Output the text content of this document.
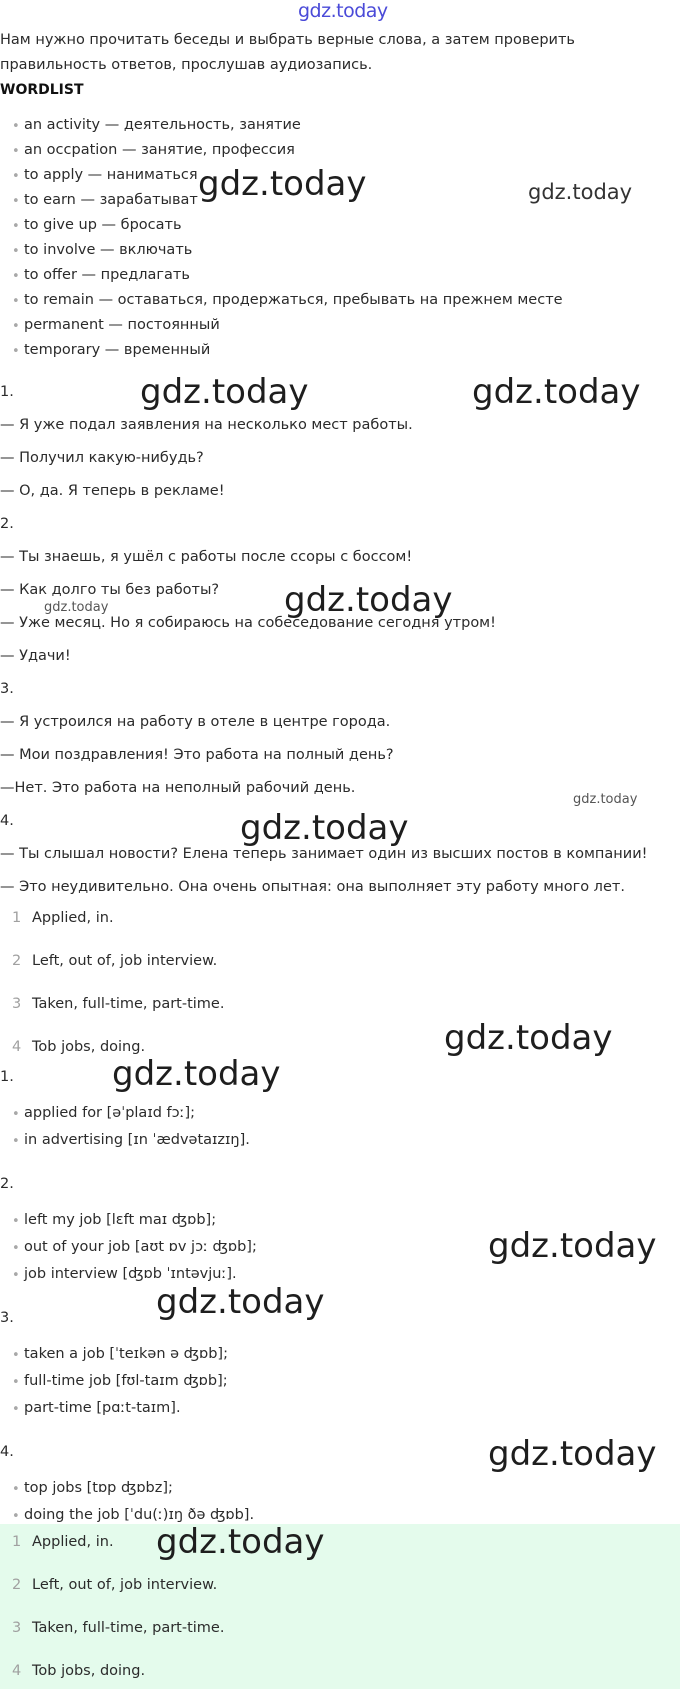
gdz.today
Нам нужно прочитать беседы и выбрать верные слова, а затем проверить правильность ответов, прослушав аудиозапись.
WORDLIST
• an activity — деятельность, занятие
• an occpation — занятие, профессия
• to apply — наниматься
• to earn — зарабатыват
• to give up — бросать
• to involve — включать
• to offer — предлагать
• to remain — оставаться, продержаться, пребывать на прежнем месте
• permanent — постоянный
• temporary — временный
1.
— Я уже подал заявления на несколько мест работы.
— Получил какую-нибудь?
— О, да. Я теперь в рекламе!
2.
— Ты знаешь, я ушёл с работы после ссоры с боссом!
— Как долго ты без работы?
— Уже месяц. Но я собираюсь на собеседование сегодня утром!
— Удачи!
3.
— Я устроился на работу в отеле в центре города.
— Мои поздравления! Это работа на полный день?
—Нет. Это работа на неполный рабочий день.
4.
— Ты слышал новости? Елена теперь занимает один из высших постов в компании!
— Это неудивительно. Она очень опытная: она выполняет эту работу много лет.
1 Applied, in.
2 Left, out of, job interview.
3 Taken, full-time, part-time.
4 Tob jobs, doing.
1.
• applied for [əˈplaɪd fɔː];
• in advertising [ɪn ˈædvətaɪzɪŋ].
2.
• left my job [lɛft maɪ ʤɒb];
• out of your job [aʊt ɒv jɔː ʤɒb];
• job interview [ʤɒb ˈɪntəvjuː].
3.
• taken a job [ˈteɪkən ə ʤɒb];
• full-time job [fʊl-taɪm ʤɒb];
• part-time [pɑːt-taɪm].
4.
• top jobs [tɒp ʤɒbz];
• doing the job [ˈdu(ː)ɪŋ ðə ʤɒb].
1 Applied, in.
2 Left, out of, job interview.
3 Taken, full-time, part-time.
4 Tob jobs, doing.
gdz.today	gdz.today
gdz.today	gdz.today
gdz.today	gdz.today
gdz.today
gdz.today
gdz.today
gdz.today
gdz.today
gdz.today
gdz.today
gdz.today
